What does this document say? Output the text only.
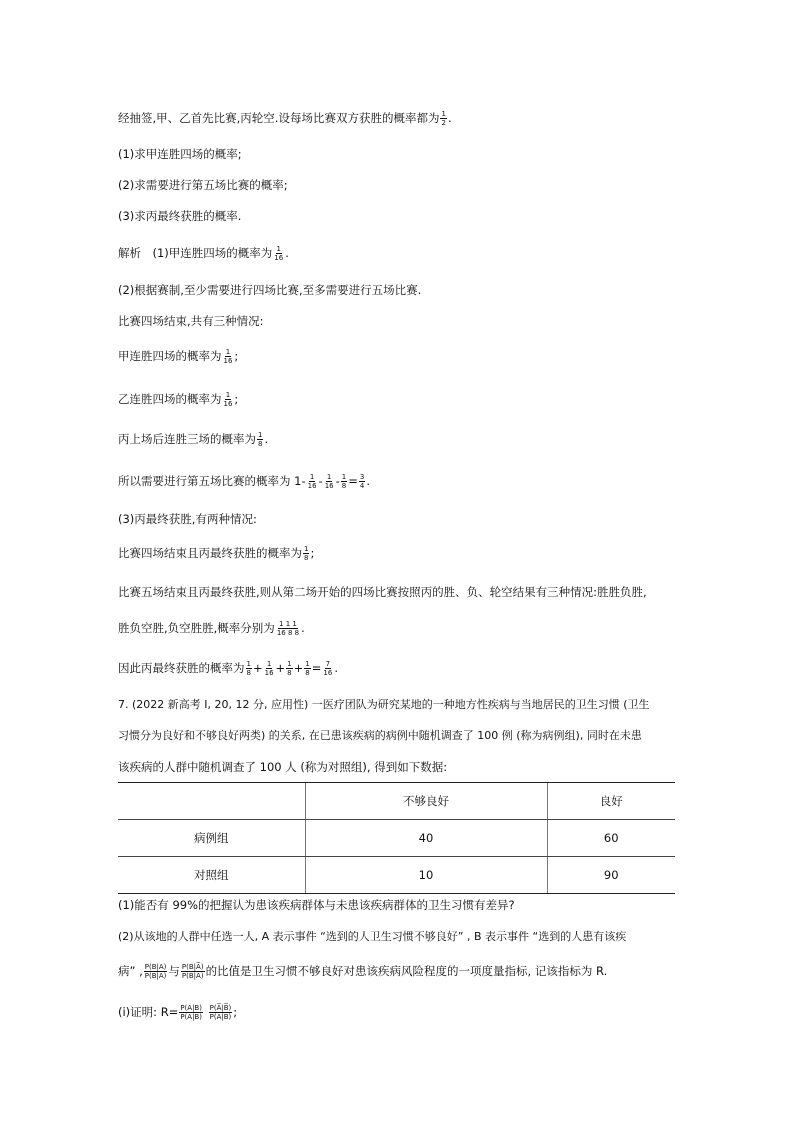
经抽签,甲、乙首先比赛,丙轮空.设每场比赛双方获胜的概率都为 $\frac{1}{2}$ .
(1)求甲连胜四场的概率;
(2)求需要进行第五场比赛的概率;
(3)求丙最终获胜的概率.
解析　(1)甲连胜四场的概率为 $\frac{1}{16}$ .
(2)根据赛制,至少需要进行四场比赛,至多需要进行五场比赛.
比赛四场结束,共有三种情况:
甲连胜四场的概率为 $\frac{1}{16}$ ;
乙连胜四场的概率为 $\frac{1}{16}$ ;
丙上场后连胜三场的概率为 $\frac{1}{8}$ .
所以需要进行第五场比赛的概率为 $1- \frac{1}{16} - \frac{1}{16} - \frac{1}{8} = \frac{3}{4}$ .
(3)丙最终获胜,有两种情况:
比赛四场结束且丙最终获胜的概率为 $\frac{1}{8}$ ;
比赛五场结束且丙最终获胜,则从第二场开始的四场比赛按照丙的胜、负、轮空结果有三种情况:胜胜负胜,
胜负空胜,负空胜胜,概率分别为 $\frac{1 1 1}{16 8 8}$ .
因此丙最终获胜的概率为 $\frac{1}{8} + \frac{1}{16} + \frac{1}{8} + \frac{1}{8} = \frac{7}{16}$ .
7. (2022 新高考 Ⅰ, 20, 12 分, 应用性) 一医疗团队为研究某地的一种地方性疾病与当地居民的卫生习惯 (卫生
习惯分为良好和不够良好两类) 的关系, 在已患该疾病的病例中随机调查了 100 例 (称为病例组), 同时在未患
该疾病的人群中随机调查了 100 人 (称为对照组), 得到如下数据:
	不够良好	良好
病例组	40	60
对照组	10	90
(1)能否有 99%的把握认为患该疾病群体与未患该疾病群体的卫生习惯有差异?
(2)从该地的人群中任选一人, A 表示事件 “选到的人卫生习惯不够良好” , B 表示事件 “选到的人患有该疾
病” , $\frac{P(B|A)}{P(B|A̅)}$ 与 $\frac{P(B|A̅)}{P(B̅|A̅)}$ 的比值是卫生习惯不够良好对患该疾病风险程度的一项度量指标, 记该指标为 R.
(i)证明: $R= \frac{P(A|B)}{P(A̅|B)}$
$\frac{P(A̅|B̅)}{P(A|B̅)}$ ;
